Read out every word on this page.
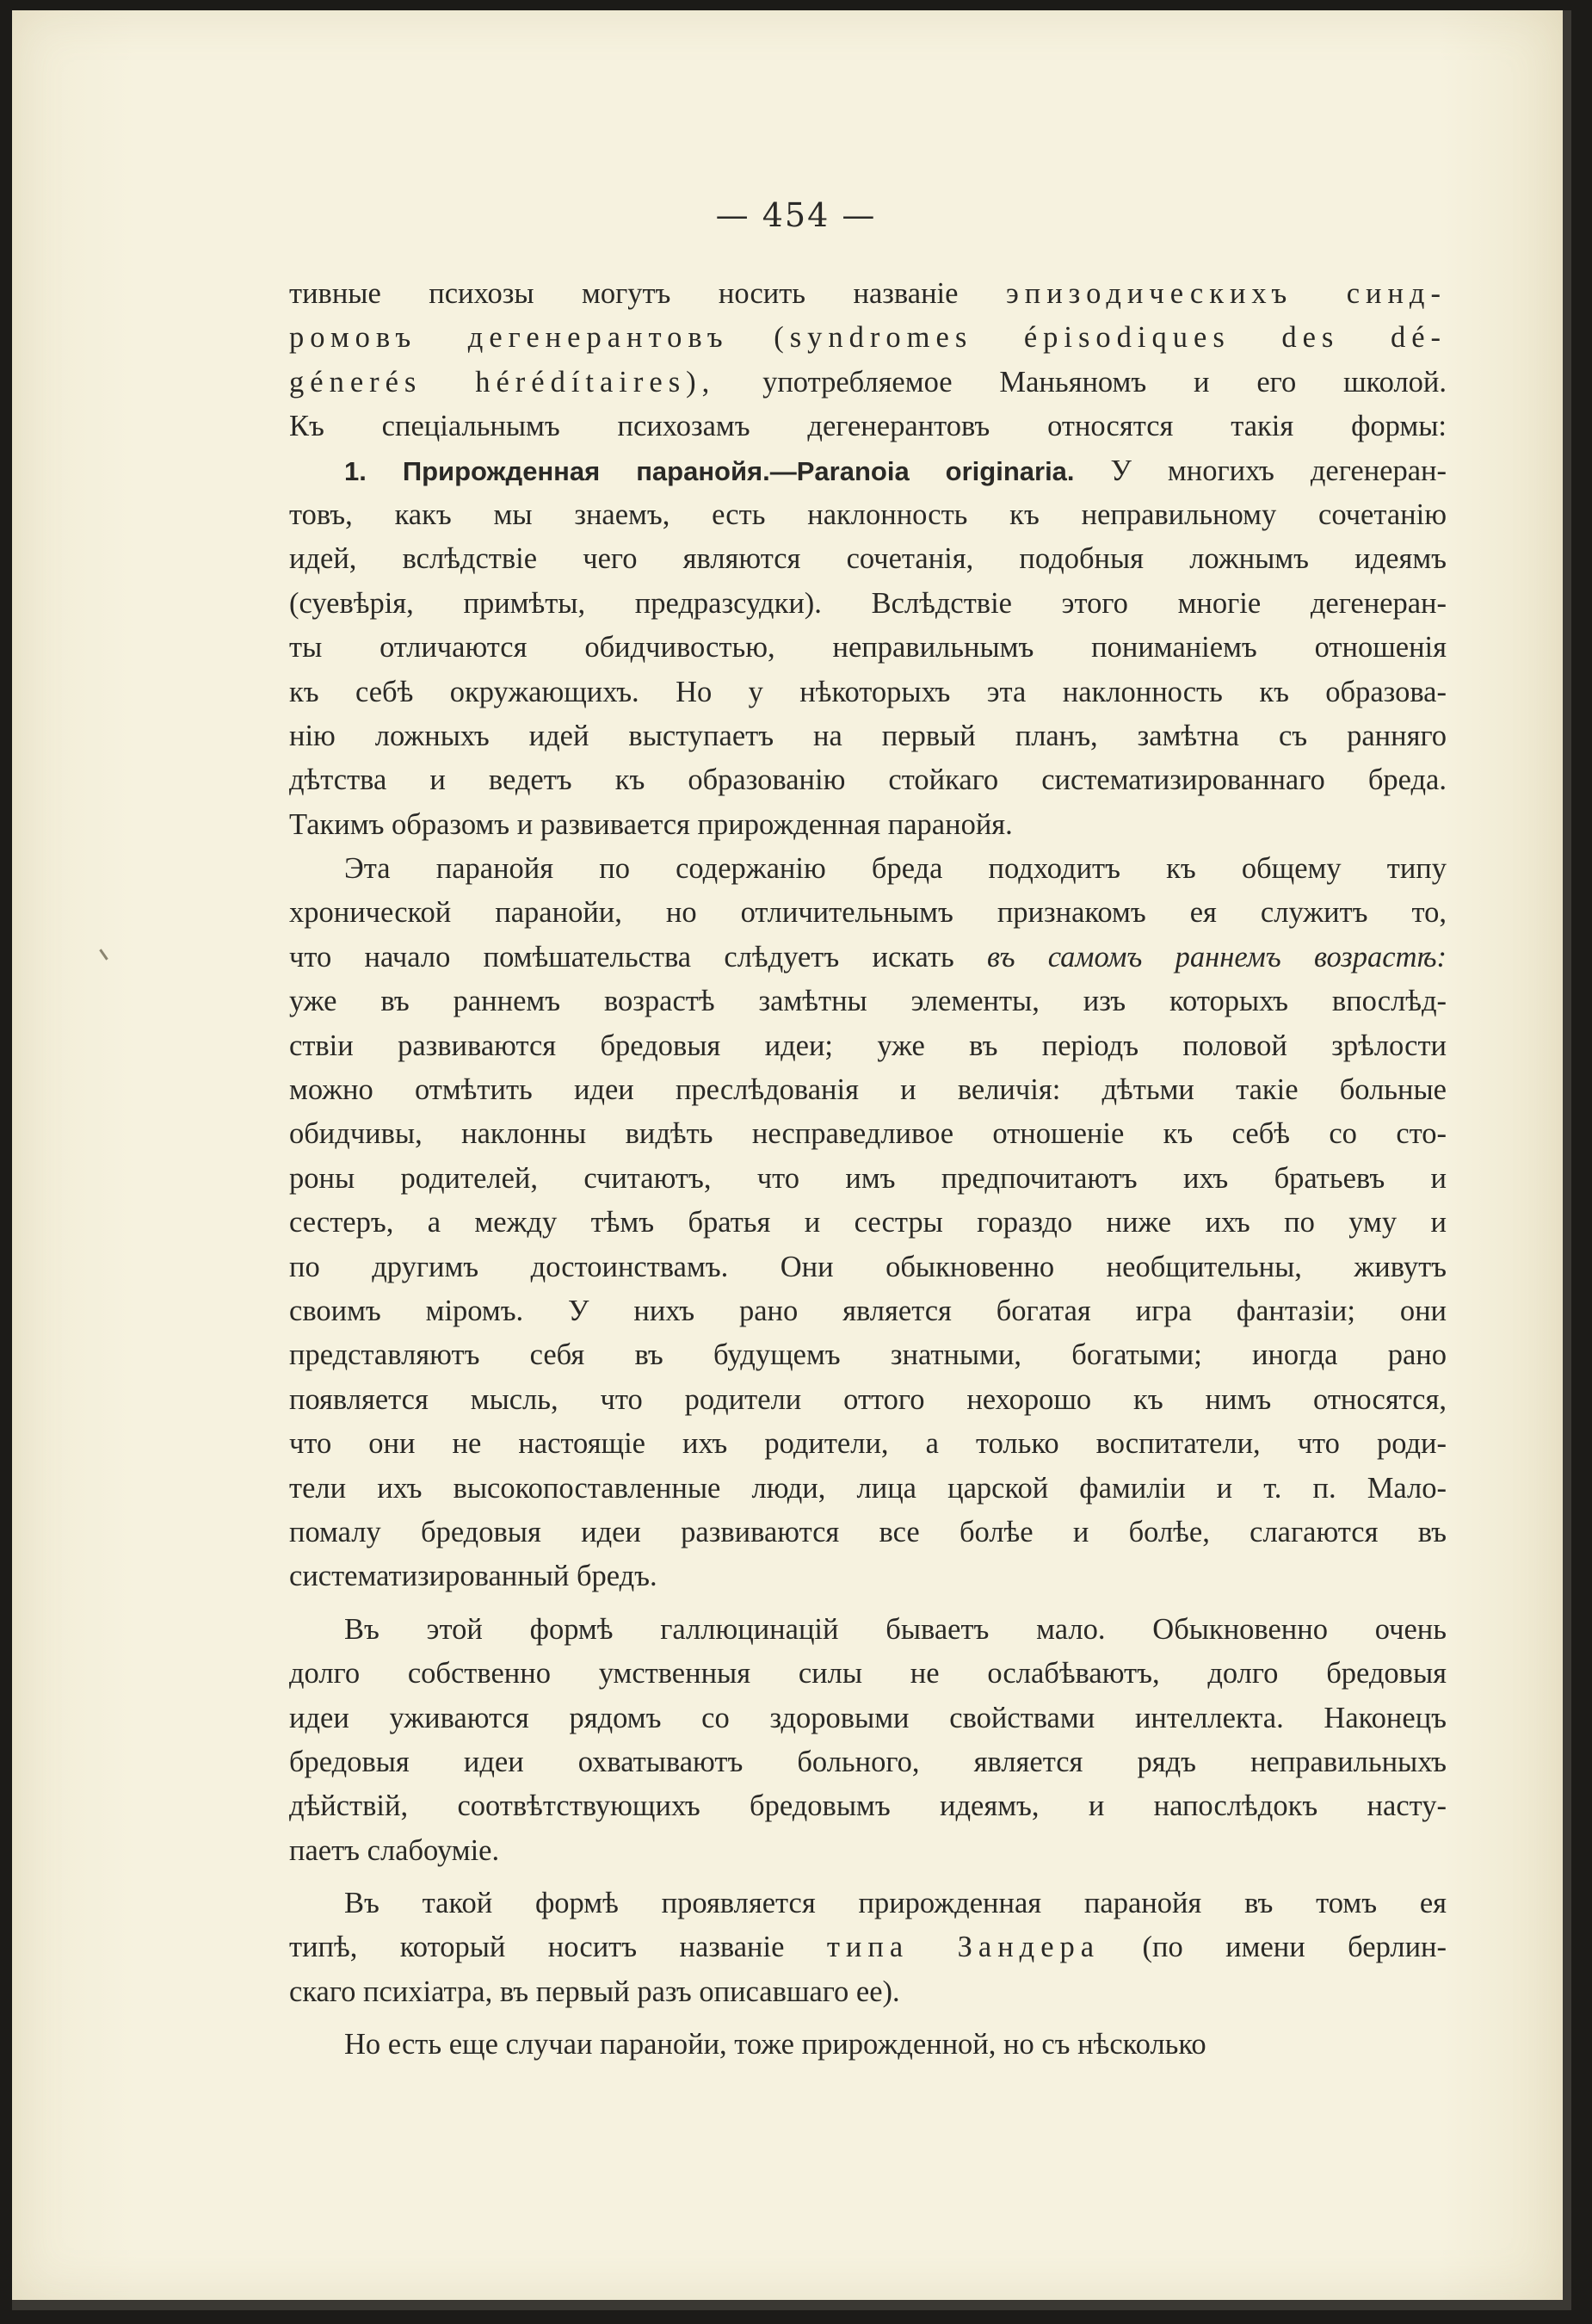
— 454 —
тивные психозы могутъ носить названіе эпизодическихъ синд-
ромовъ дегенерантовъ (syndromes épisodiques des dé-
génerés hérédítaires), употребляемое Маньяномъ и его школой.
Къ спеціальнымъ психозамъ дегенерантовъ относятся такія формы:
1. Прирожденная паранойя.—Paranoia originaria. У многихъ дегенеран-
товъ, какъ мы знаемъ, есть наклонность къ неправильному сочетанію
идей, вслѣдствіе чего являются сочетанія, подобныя ложнымъ идеямъ
(суевѣрія, примѣты, предразсудки). Вслѣдствіе этого многіе дегенеран-
ты отличаются обидчивостью, неправильнымъ пониманіемъ отношенія
къ себѣ окружающихъ. Но у нѣкоторыхъ эта наклонность къ образова-
нію ложныхъ идей выступаетъ на первый планъ, замѣтна съ ранняго
дѣтства и ведетъ къ образованію стойкаго систематизированнаго бреда.
Такимъ образомъ и развивается прирожденная паранойя.
Эта паранойя по содержанію бреда подходитъ къ общему типу
хронической паранойи, но отличительнымъ признакомъ ея служитъ то,
что начало помѣшательства слѣдуетъ искать въ самомъ раннемъ возрастѣ:
уже въ раннемъ возрастѣ замѣтны элементы, изъ которыхъ впослѣд-
ствіи развиваются бредовыя идеи; уже въ періодъ половой зрѣлости
можно отмѣтить идеи преслѣдованія и величія: дѣтьми такіе больные
обидчивы, наклонны видѣть несправедливое отношеніе къ себѣ со сто-
роны родителей, считаютъ, что имъ предпочитаютъ ихъ братьевъ и
сестеръ, а между тѣмъ братья и сестры гораздо ниже ихъ по уму и
по другимъ достоинствамъ. Они обыкновенно необщительны, живутъ
своимъ міромъ. У нихъ рано является богатая игра фантазіи; они
представляютъ себя въ будущемъ знатными, богатыми; иногда рано
появляется мысль, что родители оттого нехорошо къ нимъ относятся,
что они не настоящіе ихъ родители, а только воспитатели, что роди-
тели ихъ высокопоставленные люди, лица царской фамиліи и т. п. Мало-
помалу бредовыя идеи развиваются все болѣе и болѣе, слагаются въ
систематизированный бредъ.
Въ этой формѣ галлюцинацій бываетъ мало. Обыкновенно очень
долго собственно умственныя силы не ослабѣваютъ, долго бредовыя
идеи уживаются рядомъ со здоровыми свойствами интеллекта. Наконецъ
бредовыя идеи охватываютъ больного, является рядъ неправильныхъ
дѣйствій, соотвѣтствующихъ бредовымъ идеямъ, и напослѣдокъ насту-
паетъ слабоуміе.
Въ такой формѣ проявляется прирожденная паранойя въ томъ ея
типѣ, который носитъ названіе типа Зандера (по имени берлин-
скаго психіатра, въ первый разъ описавшаго ее).
Но есть еще случаи паранойи, тоже прирожденной, но съ нѣсколько
